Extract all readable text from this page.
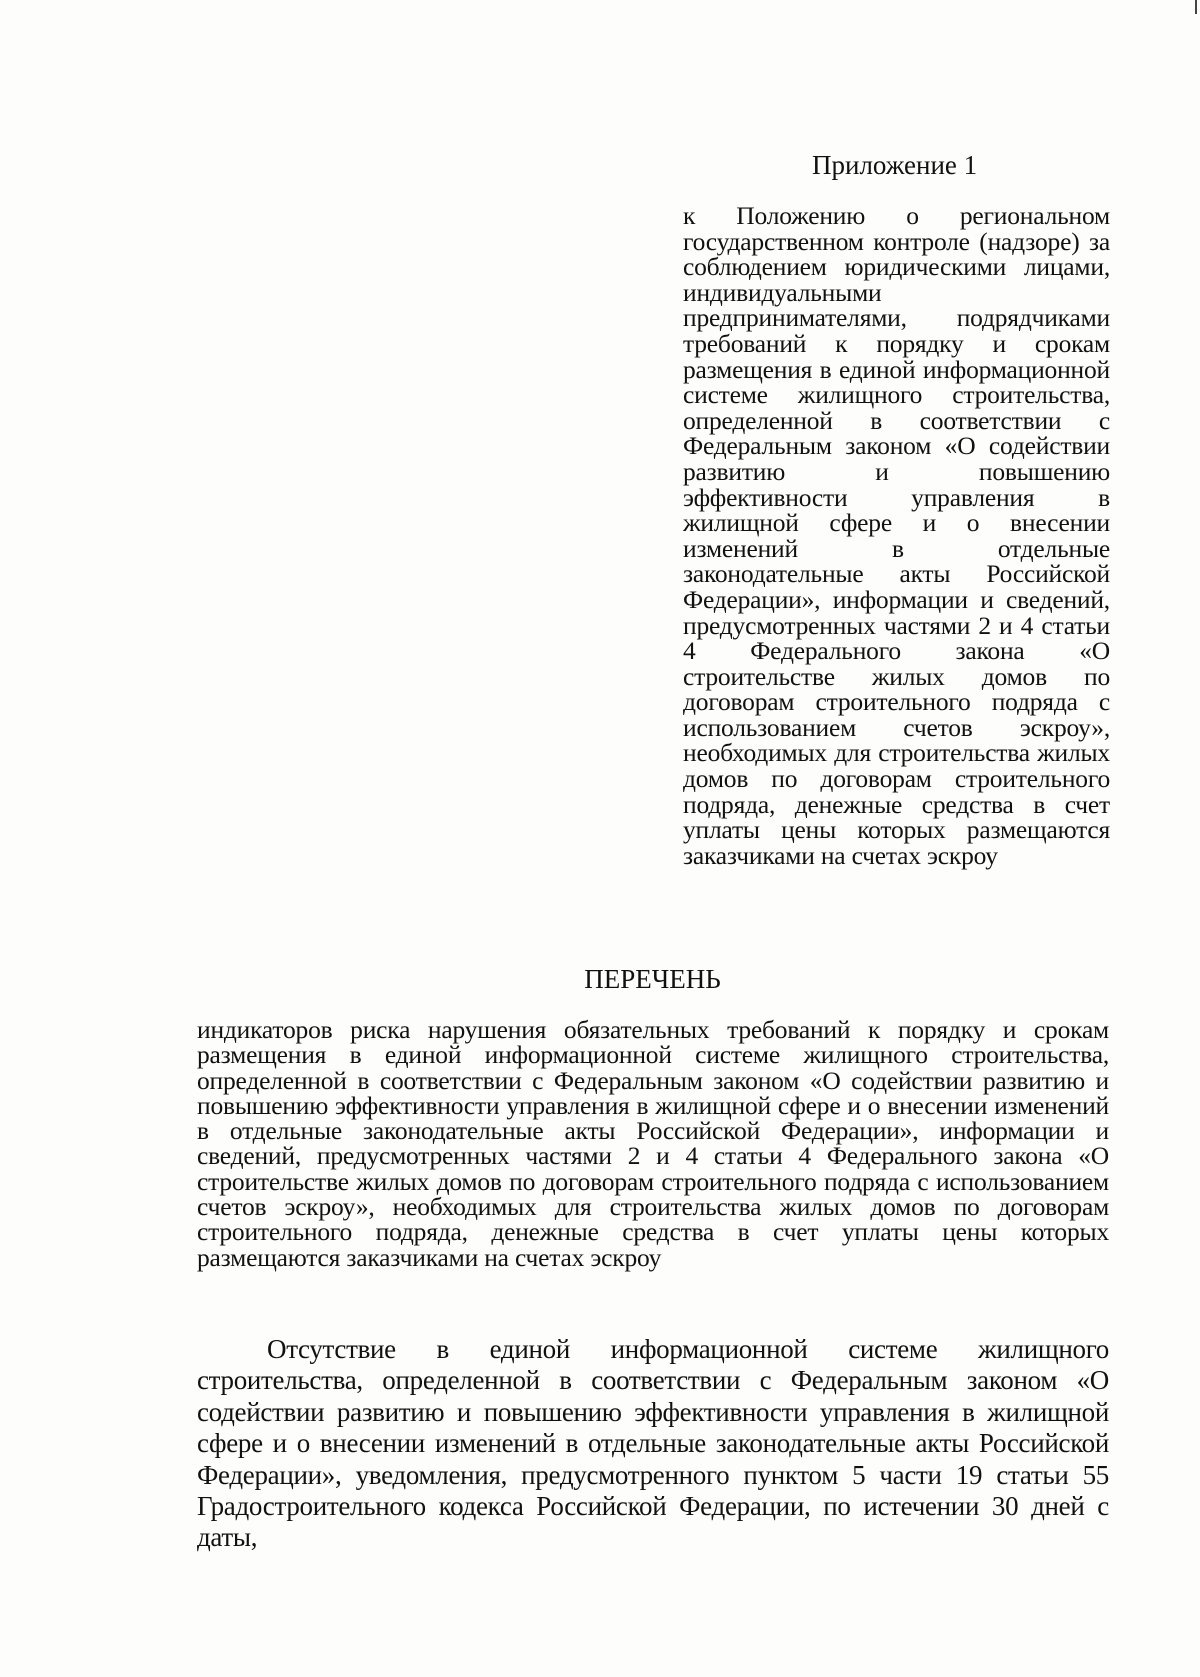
Приложение 1

к Положению о региональном государственном контроле (надзоре) за соблюдением юридическими лицами, индивидуальными предпринимателями, подрядчиками требований к порядку и срокам размещения в единой информационной системе жилищного строительства, определенной в соответствии с Федеральным законом «О содействии развитию и повышению эффективности управления в жилищной сфере и о внесении изменений в отдельные законодательные акты Российской Федерации», информации и сведений, предусмотренных частями 2 и 4 статьи 4 Федерального закона «О строительстве жилых домов по договорам строительного подряда с использованием счетов эскроу», необходимых для строительства жилых домов по договорам строительного подряда, денежные средства в счет уплаты цены которых размещаются заказчиками на счетах эскроу

ПЕРЕЧЕНЬ

индикаторов риска нарушения обязательных требований к порядку и срокам размещения в единой информационной системе жилищного строительства, определенной в соответствии с Федеральным законом «О содействии развитию и повышению эффективности управления в жилищной сфере и о внесении изменений в отдельные законодательные акты Российской Федерации», информации и сведений, предусмотренных частями 2 и 4 статьи 4 Федерального закона «О строительстве жилых домов по договорам строительного подряда с использованием счетов эскроу», необходимых для строительства жилых домов по договорам строительного подряда, денежные средства в счет уплаты цены которых размещаются заказчиками на счетах эскроу

Отсутствие в единой информационной системе жилищного строительства, определенной в соответствии с Федеральным законом «О содействии развитию и повышению эффективности управления в жилищной сфере и о внесении изменений в отдельные законодательные акты Российской Федерации», уведомления, предусмотренного пунктом 5 части 19 статьи 55 Градостроительного кодекса Российской Федерации, по истечении 30 дней с даты,
